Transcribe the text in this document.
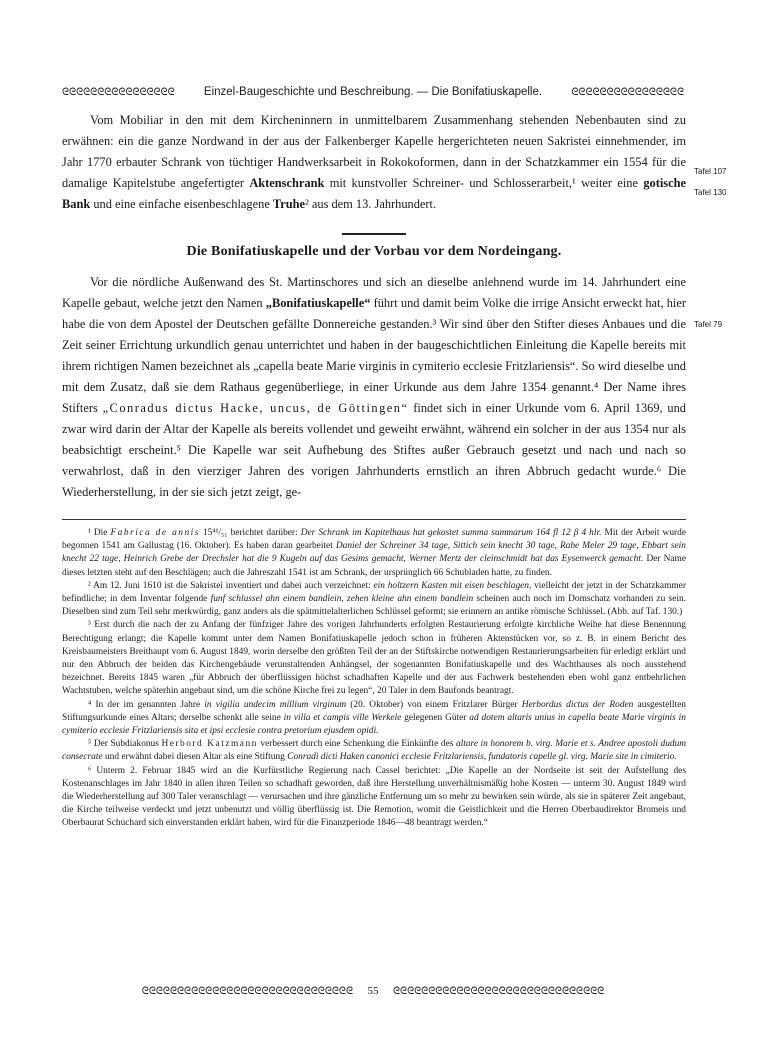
ᘓᘓᘓᘓᘓᘓᘓᘓᘓᘓᘓᘓᘓᘓᘓᘓ	Einzel-Baugeschichte und Beschreibung. — Die Bonifatiuskapelle.	ᘓᘓᘓᘓᘓᘓᘓᘓᘓᘓᘓᘓᘓᘓᘓᘓ

Vom Mobiliar in den mit dem Kircheninnern in unmittelbarem Zusammenhang stehenden Nebenbauten sind zu erwähnen: ein die ganze Nordwand in der aus der Falkenberger Kapelle hergerichteten neuen Sakristei einnehmender, im Jahr 1770 erbauter Schrank von tüchtiger Handwerksarbeit in Rokokoformen, dann in der Schatzkammer ein 1554 für die damalige Kapitelstube angefertigter Aktenschrank mit kunstvoller Schreiner- und Schlosserarbeit,¹ weiter eine gotische Bank und eine einfache eisenbeschlagene Truhe² aus dem 13. Jahrhundert.

Tafel 107
Tafel 130
Die Bonifatiuskapelle und der Vorbau vor dem Nordeingang.

Vor die nördliche Außenwand des St. Martinschores und sich an dieselbe anlehnend wurde im 14. Jahrhundert eine Kapelle gebaut, welche jetzt den Namen „Bonifatiuskapelle“ führt und damit beim Volke die irrige Ansicht erweckt hat, hier habe die von dem Apostel der Deutschen gefällte Donnereiche gestanden.³ Wir sind über den Stifter dieses Anbaues und die Zeit seiner Errichtung urkundlich genau unterrichtet und haben in der baugeschichtlichen Einleitung die Kapelle bereits mit ihrem richtigen Namen bezeichnet als „capella beate Marie virginis in cymiterio ecclesie Fritzlariensis“. So wird dieselbe und mit dem Zusatz, daß sie dem Rathaus gegenüberliege, in einer Urkunde aus dem Jahre 1354 genannt.⁴ Der Name ihres Stifters „Conradus dictus Hacke, uncus, de Göttingen“ findet sich in einer Urkunde vom 6. April 1369, und zwar wird darin der Altar der Kapelle als bereits vollendet und geweiht erwähnt, während ein solcher in der aus 1354 nur als beabsichtigt erscheint.⁵ Die Kapelle war seit Aufhebung des Stiftes außer Gebrauch gesetzt und nach und nach so verwahrlost, daß in den vierziger Jahren des vorigen Jahrhunderts ernstlich an ihren Abbruch gedacht wurde.⁶ Die Wiederherstellung, in der sie sich jetzt zeigt, ge-

Tafel 79

¹ Die Fabrica de annis 15⁴¹/₅₁ berichtet darüber: Der Schrank im Kapitelhaus hat gekostet summa summarum 164 fl 12 β 4 hlr. Mit der Arbeit wurde begonnen 1541 am Gallustag (16. Oktober). Es haben daran gearbeitet Daniel der Schreiner 34 tage, Sittich sein knecht 30 tage, Rabe Meler 29 tage, Ebbart sein knecht 22 tage, Heinrich Grebe der Drechsler hat die 9 Kugeln auf das Gesims gemacht, Werner Mertz der cleinschmidt hat das Eysenwerck gemacht. Der Name dieses letzten steht auf den Beschlägen; auch die Jahreszahl 1541 ist am Schrank, der ursprünglich 66 Schubladen hatte, zu finden.

² Am 12. Juni 1610 ist die Sakristei inventiert und dabei auch verzeichnet: ein holtzern Kasten mit eisen beschlagen, vielleicht der jetzt in der Schatzkammer befindliche; in dem Inventar folgende funf schlussel ahn einem bandlein, zehen kleine ahn einem bandlein scheinen auch noch im Domschatz vorhanden zu sein. Dieselben sind zum Teil sehr merkwürdig, ganz anders als die spätmittelalterlichen Schlüssel geformt; sie erinnern an antike römische Schlüssel. (Abb. auf Taf. 130.)

³ Erst durch die nach der zu Anfang der fünfziger Jahre des vorigen Jahrhunderts erfolgten Restaurierung erfolgte kirchliche Weihe hat diese Benennung Berechtigung erlangt; die Kapelle kommt unter dem Namen Bonifatiuskapelle jedoch schon in früheren Aktenstücken vor, so z. B. in einem Bericht des Kreisbaumeisters Breithaupt vom 6. August 1849, worin derselbe den größten Teil der an der Stiftskirche notwendigen Restaurierungsarbeiten für erledigt erklärt und nur den Abbruch der beiden das Kirchengebäude verunstaltenden Anhängsel, der sogenannten Bonifatiuskapelle und des Wachthauses als noch ausstehend bezeichnet. Bereits 1845 waren „für Abbruch der überflüssigen höchst schadhaften Kapelle und der aus Fachwerk bestehenden eben wohl ganz entbehrlichen Wachtstuben, welche späterhin angebaut sind, um die schöne Kirche frei zu legen“, 20 Taler in dem Baufonds beantragt.

⁴ In der im genannten Jahre in vigilia undecim millium virginum (20. Oktober) von einem Fritzlarer Bürger Herbordus dictus der Roden ausgestellten Stiftungsurkunde eines Altars; derselbe schenkt alle seine in villa et campis ville Werkele gelegenen Güter ad dotem altaris unius in capella beate Marie virginis in cymiterio ecclesie Fritzlariensis sita et ipsi ecclesie contra pretorium ejusdem opidi.

⁵ Der Subdiakonus Herbord Katzmann verbessert durch eine Schenkung die Einkünfte des altare in honorem b. virg. Marie et s. Andree apostoli dudum consecrate und erwähnt dabei diesen Altar als eine Stiftung Conradi dicti Haken canonici ecclesie Fritzlariensis, fundatoris capelle gl. virg. Marie site in cimiterio.

⁶ Unterm 2. Februar 1845 wird an die Kurfürstliche Regierung nach Cassel berichtet: „Die Kapelle an der Nordseite ist seit der Aufstellung des Kostenanschlages im Jahr 1840 in allen ihren Teilen so schadhaft geworden, daß ihre Herstellung unverhältnismäßig hohe Kosten — unterm 30. August 1849 wird die Wiederherstellung auf 300 Taler veranschlagt — verursachen und ihre gänzliche Entfernung um so mehr zu bewirken sein würde, als sie in späterer Zeit angebaut, die Kirche teilweise verdeckt und jetzt unbenutzt und völlig überflüssig ist. Die Remotion, womit die Geistlichkeit und die Herren Oberbaudirektor Bromeis und Oberbaurat Schuchard sich einverstanden erklärt haben, wird für die Finanzperiode 1846—48 beantragt werden.“

ᘓᘓᘓᘓᘓᘓᘓᘓᘓᘓᘓᘓᘓᘓᘓᘓᘓᘓᘓᘓᘓᘓᘓᘓᘓᘓᘓᘓᘓᘓ	55	ᘓᘓᘓᘓᘓᘓᘓᘓᘓᘓᘓᘓᘓᘓᘓᘓᘓᘓᘓᘓᘓᘓᘓᘓᘓᘓᘓᘓᘓᘓ
